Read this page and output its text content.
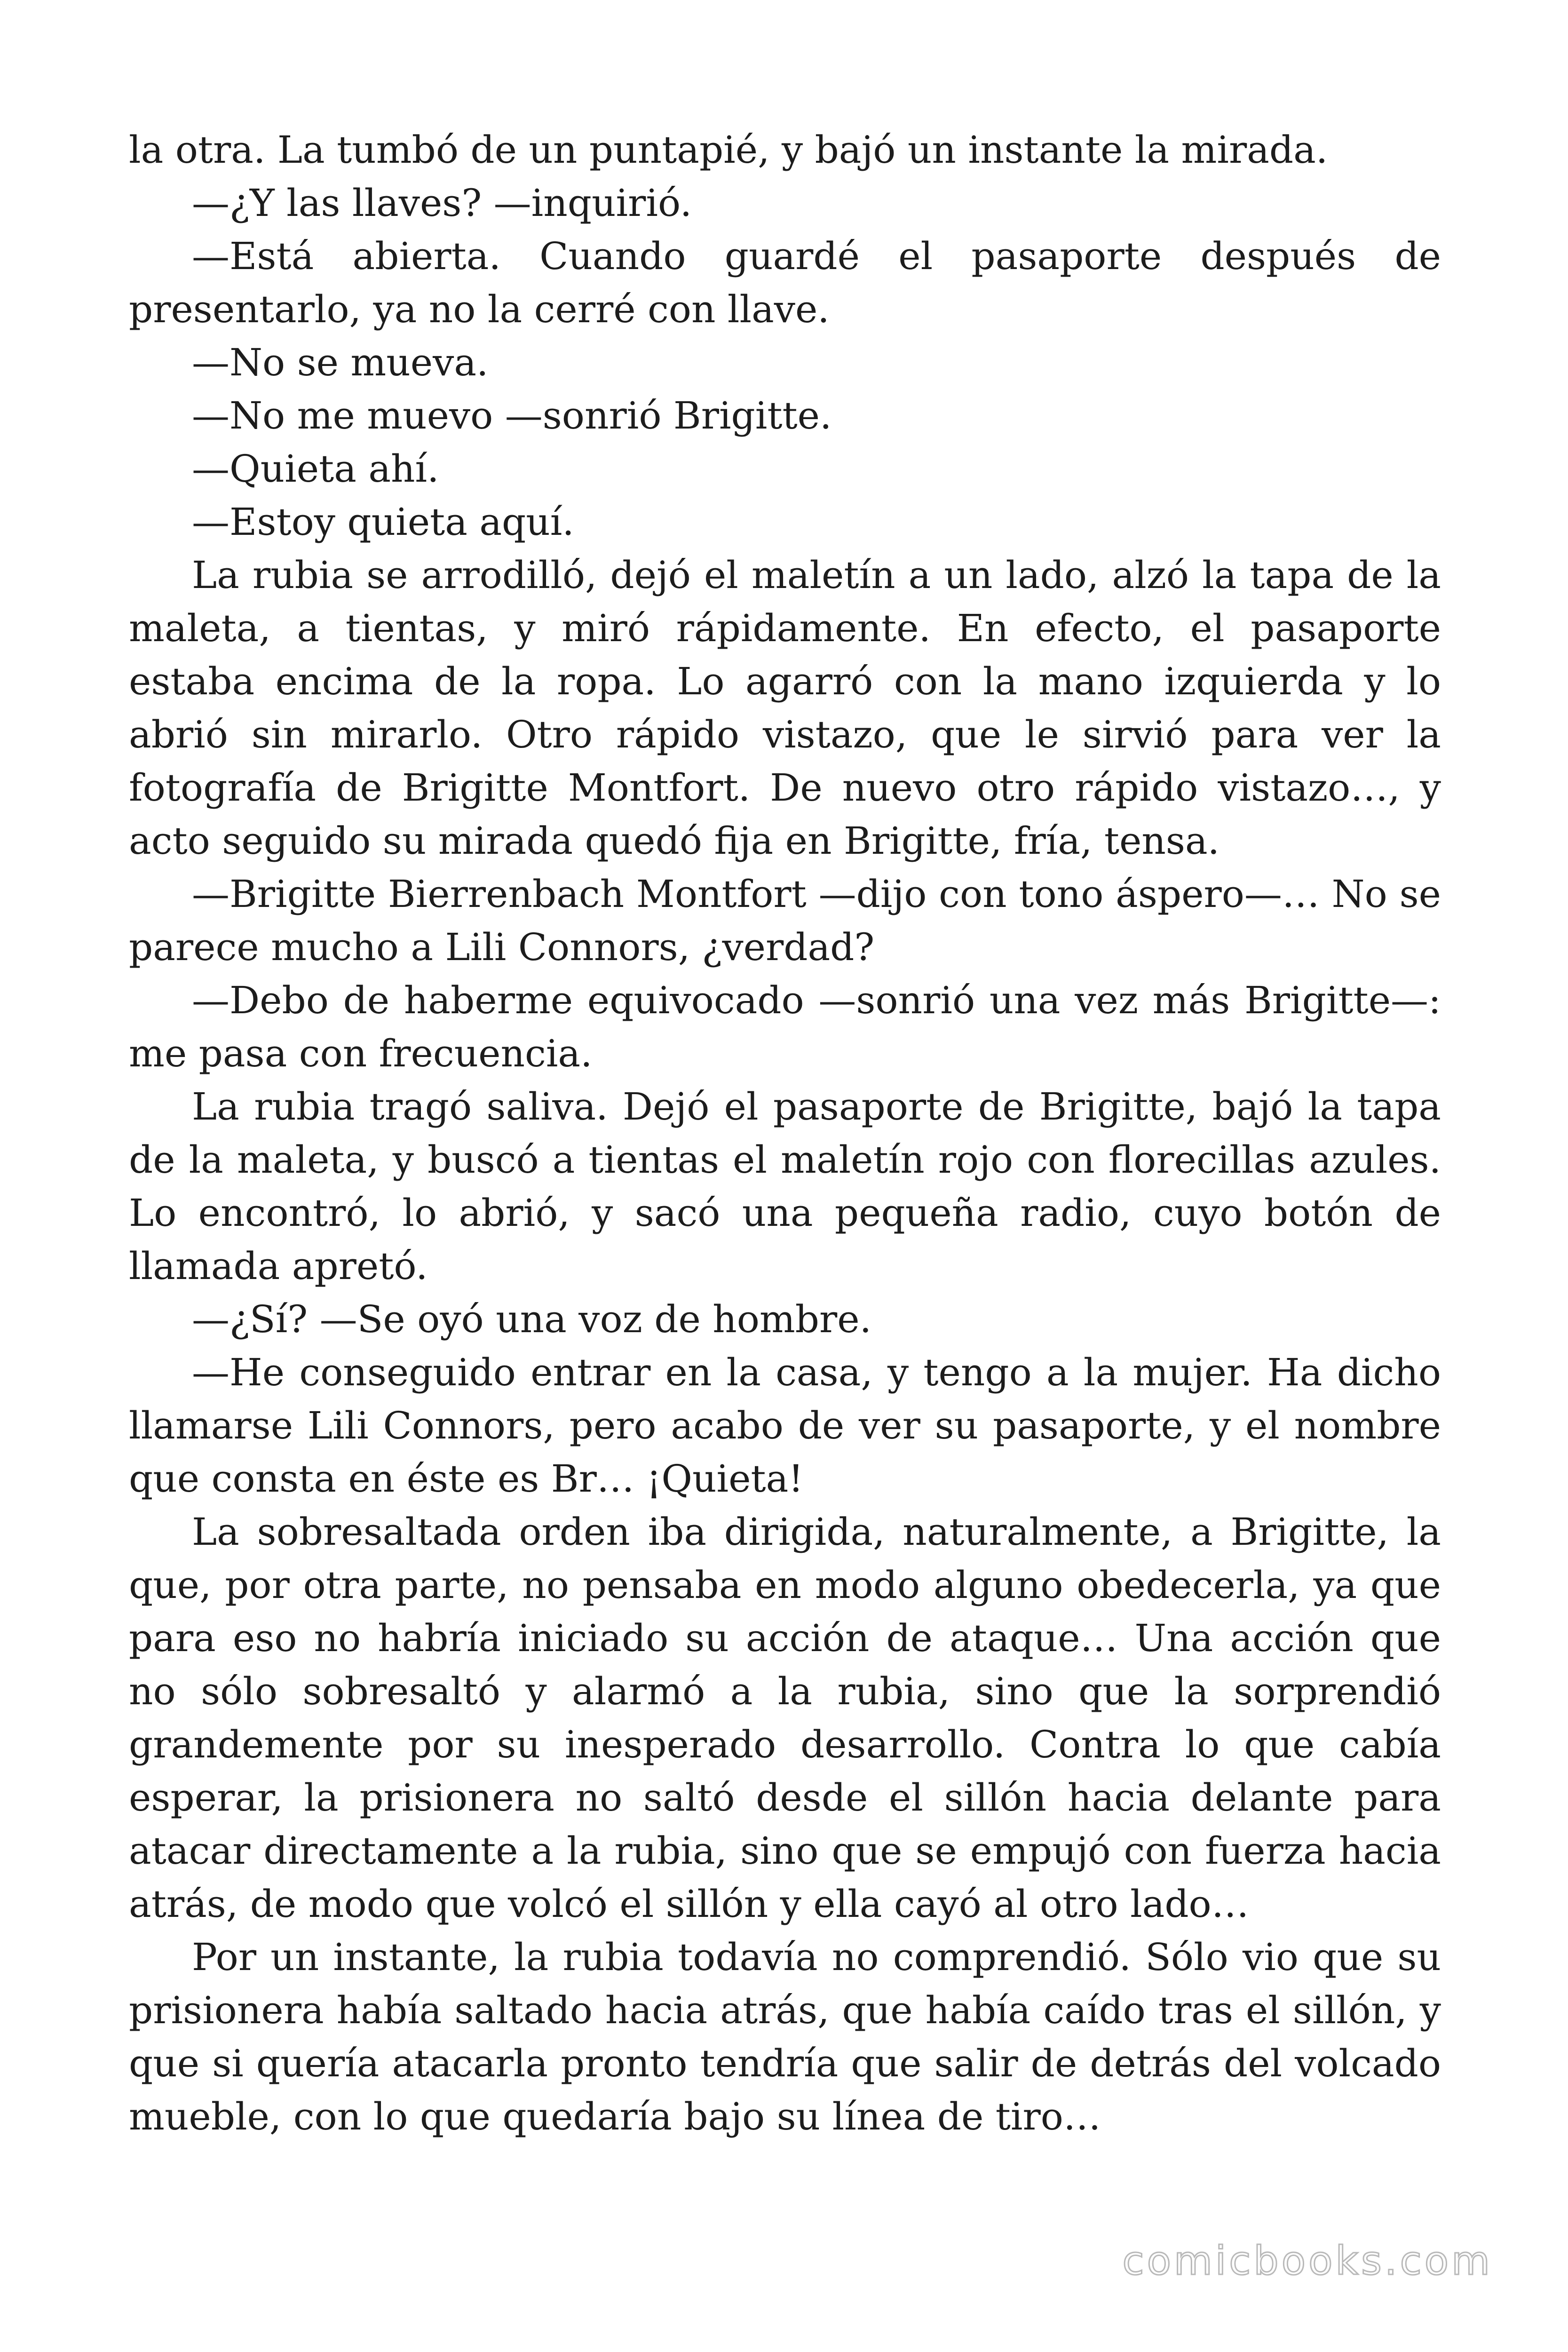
la otra. La tumbó de un puntapié, y bajó un instante la mirada.

—¿Y las llaves? —inquirió.

—Está abierta. Cuando guardé el pasaporte después de presentarlo, ya no la cerré con llave.

—No se mueva.

—No me muevo —sonrió Brigitte.

—Quieta ahí.

—Estoy quieta aquí.

La rubia se arrodilló, dejó el maletín a un lado, alzó la tapa de la maleta, a tientas, y miró rápidamente. En efecto, el pasaporte estaba encima de la ropa. Lo agarró con la mano izquierda y lo abrió sin mirarlo. Otro rápido vistazo, que le sirvió para ver la fotografía de Brigitte Montfort. De nuevo otro rápido vistazo…, y acto seguido su mirada quedó fija en Brigitte, fría, tensa.

—Brigitte Bierrenbach Montfort —dijo con tono áspero—… No se parece mucho a Lili Connors, ¿verdad?

—Debo de haberme equivocado —sonrió una vez más Brigitte—: me pasa con frecuencia.

La rubia tragó saliva. Dejó el pasaporte de Brigitte, bajó la tapa de la maleta, y buscó a tientas el maletín rojo con florecillas azules. Lo encontró, lo abrió, y sacó una pequeña radio, cuyo botón de llamada apretó.

—¿Sí? —Se oyó una voz de hombre.

—He conseguido entrar en la casa, y tengo a la mujer. Ha dicho llamarse Lili Connors, pero acabo de ver su pasaporte, y el nombre que consta en éste es Br… ¡Quieta!

La sobresaltada orden iba dirigida, naturalmente, a Brigitte, la que, por otra parte, no pensaba en modo alguno obedecerla, ya que para eso no habría iniciado su acción de ataque… Una acción que no sólo sobresaltó y alarmó a la rubia, sino que la sorprendió grandemente por su inesperado desarrollo. Contra lo que cabía esperar, la prisionera no saltó desde el sillón hacia delante para atacar directamente a la rubia, sino que se empujó con fuerza hacia atrás, de modo que volcó el sillón y ella cayó al otro lado…

Por un instante, la rubia todavía no comprendió. Sólo vio que su prisionera había saltado hacia atrás, que había caído tras el sillón, y que si quería atacarla pronto tendría que salir de detrás del volcado mueble, con lo que quedaría bajo su línea de tiro…

comicbooks.com
